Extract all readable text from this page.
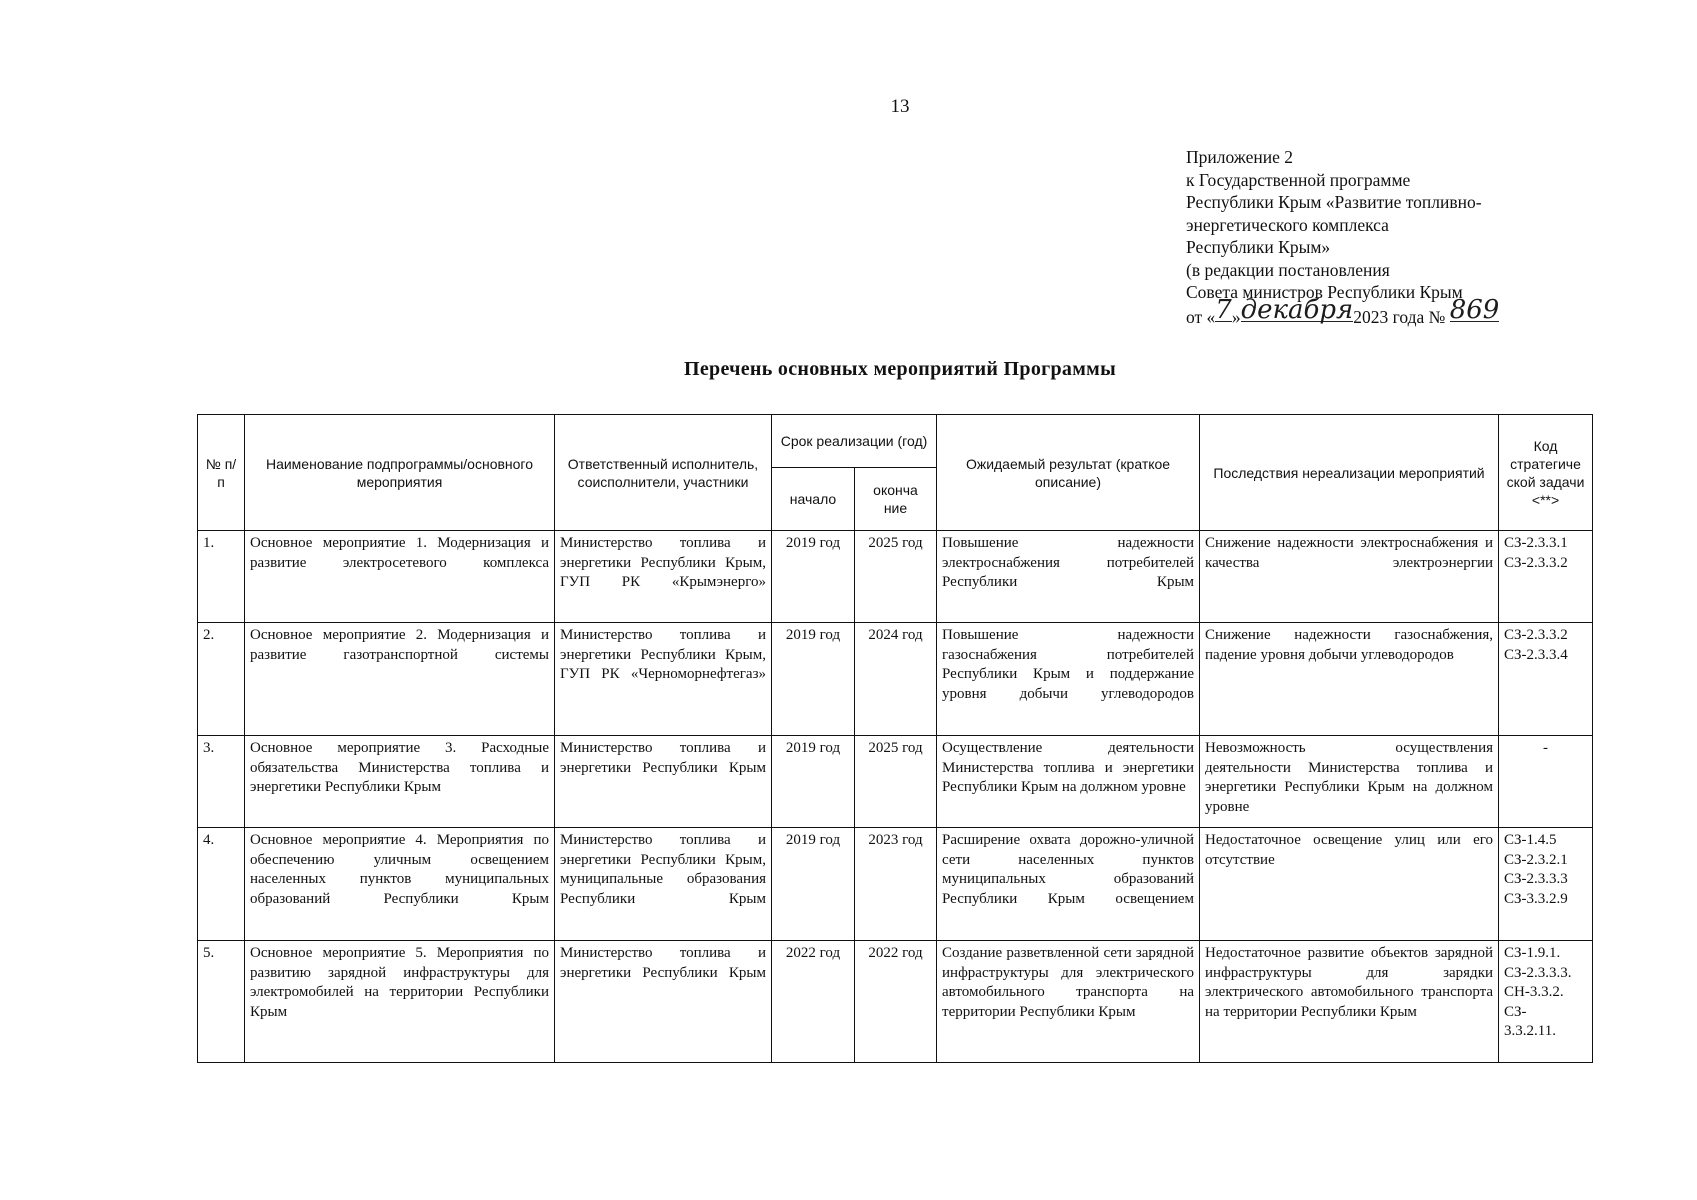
13
Приложение 2
к Государственной программе
Республики Крым «Развитие топливно-
энергетического комплекса
Республики Крым»
(в редакции постановления
Совета министров Республики Крым
от «7»декабря2023 года № 869
Перечень основных мероприятий Программы
№ п/п	Наименование подпрограммы/основного мероприятия	Ответственный исполнитель, соисполнители, участники	Срок реализации (год)		Ожидаемый результат (краткое описание)	Последствия нереализации мероприятий	Код стратегиче ской задачи <**>
			начало	оконча ние			
1.	Основное мероприятие 1. Модернизация и развитие электросетевого комплекса	Министерство топлива и энергетики Республики Крым, ГУП РК «Крымэнерго»	2019 год	2025 год	Повышение надежности электроснабжения потребителей Республики Крым	Снижение надежности электроснабжения и качества электроэнергии	СЗ-2.3.3.1
СЗ-2.3.3.2

2.	Основное мероприятие 2. Модернизация и развитие газотранспортной системы	Министерство топлива и энергетики Республики Крым, ГУП РК «Черноморнефтегаз»	2019 год	2024 год	Повышение надежности газоснабжения потребителей Республики Крым и поддержание уровня добычи углеводородов	Снижение надежности газоснабжения, падение уровня добычи углеводородов	СЗ-2.3.3.2
СЗ-2.3.3.4

3.	Основное мероприятие 3. Расходные обязательства Министерства топлива и энергетики Республики Крым	Министерство топлива и энергетики Республики Крым	2019 год	2025 год	Осуществление деятельности Министерства топлива и энергетики Республики Крым на должном уровне	Невозможность осуществления деятельности Министерства топлива и энергетики Республики Крым на должном уровне	-

4.	Основное мероприятие 4. Мероприятия по обеспечению уличным освещением населенных пунктов муниципальных образований Республики Крым	Министерство топлива и энергетики Республики Крым, муниципальные образования Республики Крым	2019 год	2023 год	Расширение охвата дорожно-уличной сети населенных пунктов муниципальных образований Республики Крым освещением	Недостаточное освещение улиц или его отсутствие	СЗ-1.4.5
СЗ-2.3.2.1
СЗ-2.3.3.3
СЗ-3.3.2.9

5.	Основное мероприятие 5. Мероприятия по развитию зарядной инфраструктуры для электромобилей на территории Республики Крым	Министерство топлива и энергетики Республики Крым	2022 год	2022 год	Создание разветвленной сети зарядной инфраструктуры для электрического автомобильного транспорта на территории Республики Крым	Недостаточное развитие объектов зарядной инфраструктуры для зарядки электрического автомобильного транспорта на территории Республики Крым	СЗ-1.9.1.
СЗ-2.3.3.3.
СН-3.3.2.
СЗ-
3.3.2.11.
